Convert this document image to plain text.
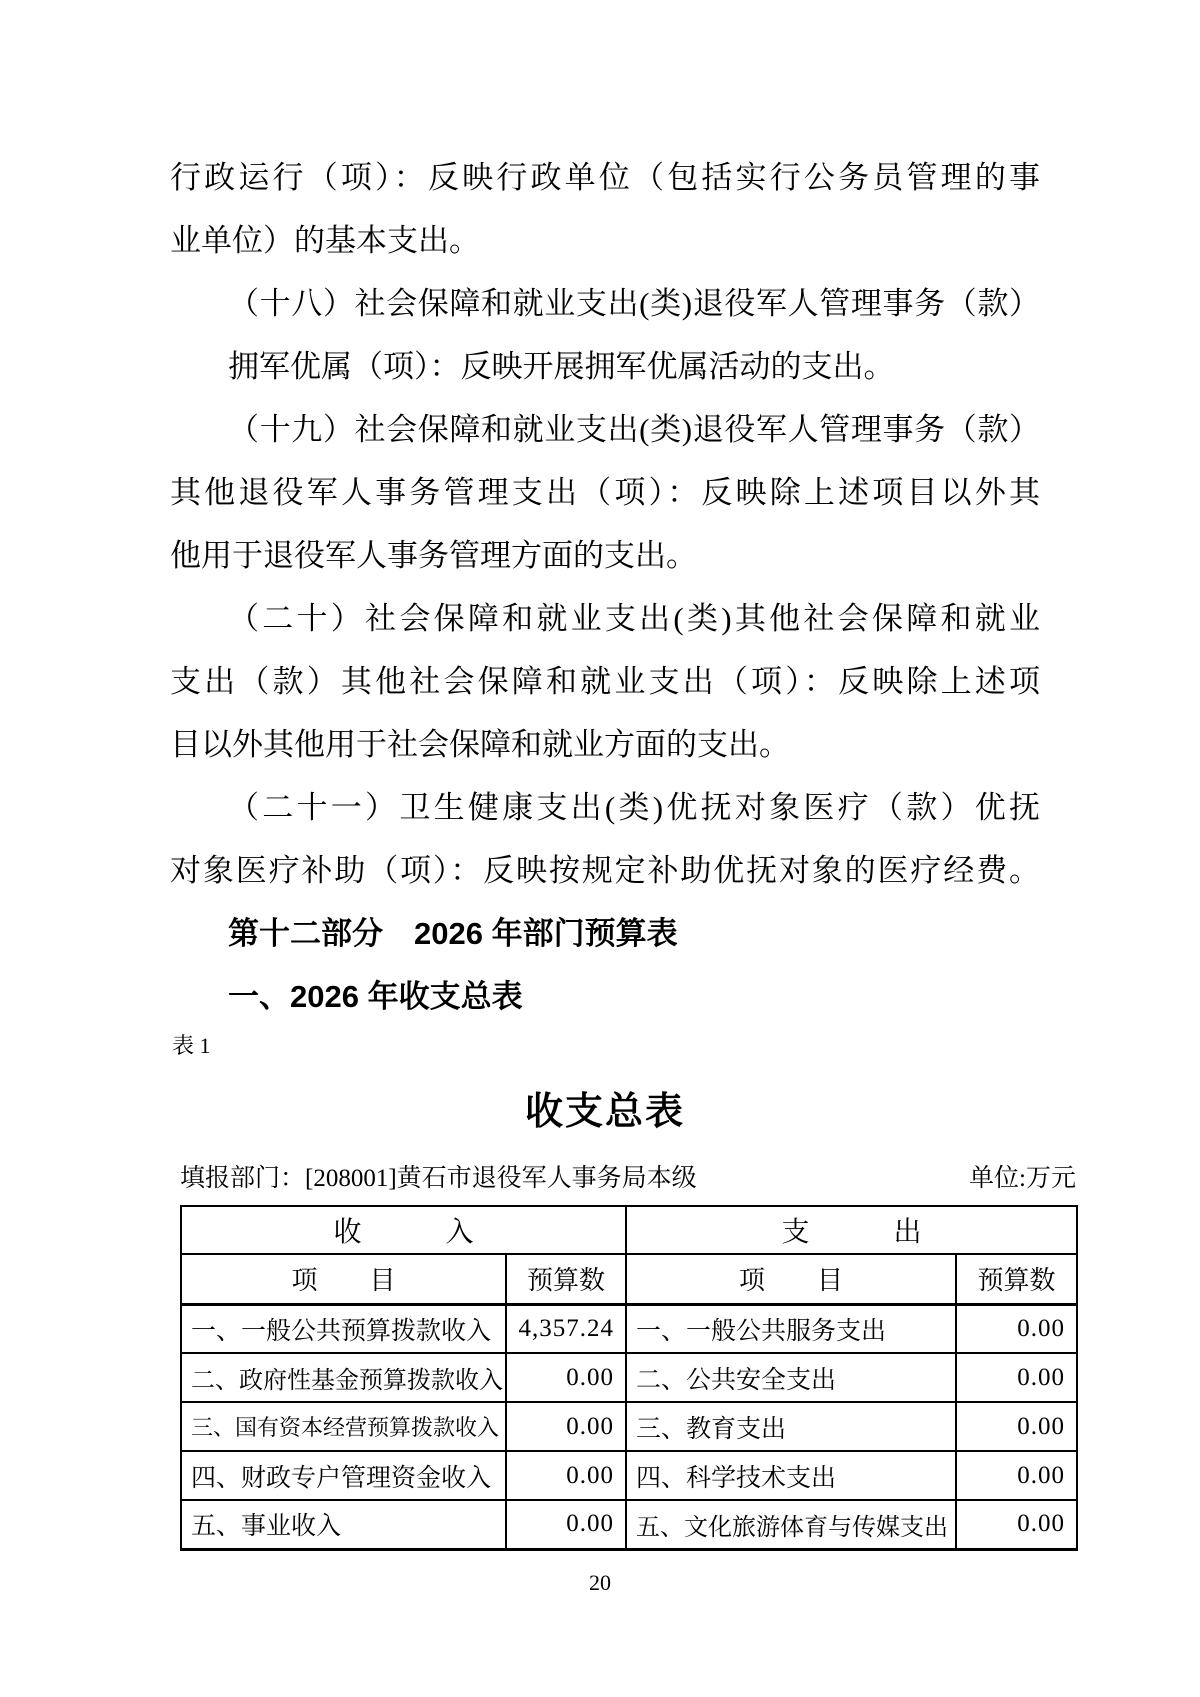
行政运行（项）：反映行政单位（包括实行公务员管理的事
业单位）的基本支出。
（十八）社会保障和就业支出(类)退役军人管理事务（款）
拥军优属（项）：反映开展拥军优属活动的支出。
（十九）社会保障和就业支出(类)退役军人管理事务（款）
其他退役军人事务管理支出（项）：反映除上述项目以外其
他用于退役军人事务管理方面的支出。
（二十）社会保障和就业支出(类)其他社会保障和就业
支出（款）其他社会保障和就业支出（项）：反映除上述项
目以外其他用于社会保障和就业方面的支出。
（二十一）卫生健康支出(类)优抚对象医疗（款）优抚
对象医疗补助（项）：反映按规定补助优抚对象的医疗经费。
第十二部分　2026 年部门预算表
一、2026 年收支总表
表 1
收支总表
填报部门：[208001]黄石市退役军人事务局本级	单位:万元
收　　　入		支　　　出	

项　　目	预算数	项　　目	预算数

一、一般公共预算拨款收入	4,357.24	一、一般公共服务支出	0.00

二、政府性基金预算拨款收入	0.00	二、公共安全支出	0.00

三、国有资本经营预算拨款收入	0.00	三、教育支出	0.00

四、财政专户管理资金收入	0.00	四、科学技术支出	0.00

五、事业收入	0.00	五、文化旅游体育与传媒支出	0.00
20
